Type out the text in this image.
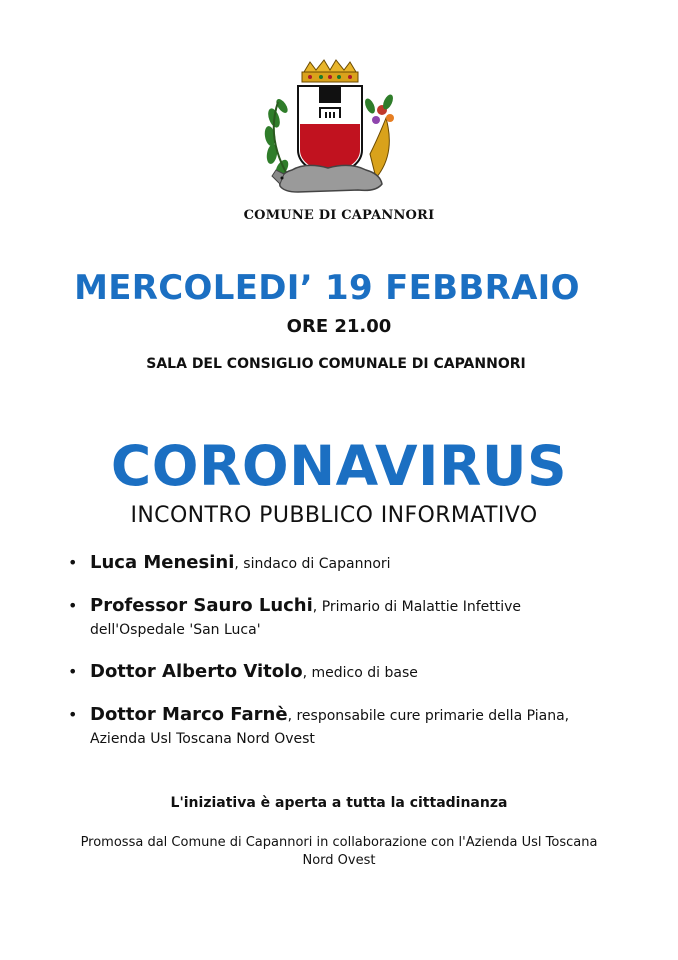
COMUNE DI CAPANNORI
MERCOLEDI’ 19 FEBBRAIO
ORE 21.00
SALA DEL CONSIGLIO COMUNALE DI CAPANNORI
CORONAVIRUS
INCONTRO PUBBLICO INFORMATIVO
• Luca Menesini, sindaco di Capannori
• Professor Sauro Luchi, Primario di Malattie Infettive dell'Ospedale 'San Luca'
• Dottor Alberto Vitolo, medico di base
• Dottor Marco Farnè, responsabile cure primarie della Piana, Azienda Usl Toscana Nord Ovest
L'iniziativa è aperta a tutta la cittadinanza
Promossa dal Comune di Capannori in collaborazione con l'Azienda Usl Toscana Nord Ovest
